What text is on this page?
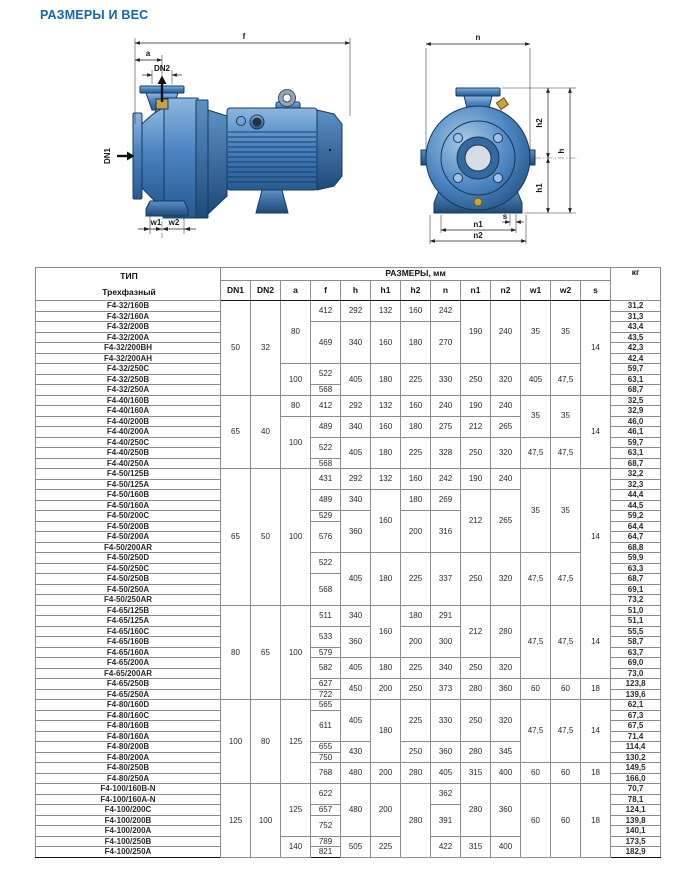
РАЗМЕРЫ И ВЕС
f
a
DN2
DN1
w1 w2
n
h2
h1
h
s
n1
n2
ТИП
Трехфазный	РАЗМЕРЫ, мм													кг
	DN1	DN2	a	f	h	h1	h2	n	n1	n2	w1	w2	s	
F4-32/160B	50	32	80	412	292	132	160	242	190	240	35	35	14	31,2
F4-32/160A														31,3
F4-32/200B				469	340	160	180	270						43,4
F4-32/200A														43,5
F4-32/200BH														42,3
F4-32/200AH														42,4
F4-32/250C			100	522	405	180	225	330	250	320	405	47,5		59,7
F4-32/250B														63,1
F4-32/250A				568										68,7
F4-40/160B	65	40	80	412	292	132	160	240	190	240	35	35	14	32,5
F4-40/160A														32,9
F4-40/200B			100	489	340	160	180	275	212	265				46,0
F4-40/200A														46,1
F4-40/250C				522	405	180	225	328	250	320	47,5	47,5		59,7
F4-40/250B														63,1
F4-40/250A				568										68,7
F4-50/125B	65	50	100	431	292	132	160	242	190	240	35	35	14	32,2
F4-50/125A														32,3
F4-50/160B				489	340	160	180	269	212	265				44,4
F4-50/160A														44,5
F4-50/200C				529	360		200	316						59,2
F4-50/200B				576										64,4
F4-50/200A														64,7
F4-50/200AR														68,8
F4-50/250D				522	405	180	225	337	250	320	47,5	47,5		59,9
F4-50/250C														63,3
F4-50/250B				568										68,7
F4-50/250A														69,1
F4-50/250AR														73,2
F4-65/125B	80	65	100	511	340	160	180	291	212	280	47,5	47,5	14	51,0
F4-65/125A														51,1
F4-65/160C				533	360		200	300						55,5
F4-65/160B														58,7
F4-65/160A				579										63,7
F4-65/200A				582	405	180	225	340	250	320				69,0
F4-65/200AR														73,0
F4-65/250B				627	450	200	250	373	280	360	60	60	18	123,8
F4-65/250A				722										139,6
F4-80/160D	100	80	125	565	405	180	225	330	250	320	47,5	47,5	14	62,1
F4-80/160C				611										67,3
F4-80/160B														67,5
F4-80/160A														71,4
F4-80/200B				655	430		250	360	280	345				114,4
F4-80/200A				750										130,2
F4-80/250B				768	480	200	280	405	315	400	60	60	18	149,5
F4-80/250A														166,0
F4-100/160B-N	125	100	125	622	480	200	280	362	280	360	60	60	18	70,7
F4-100/160A-N														78,1
F4-100/200C				657				391						124,1
F4-100/200B				752										139,8
F4-100/200A														140,1
F4-100/250B			140	789	505	225		422	315	400				173,5
F4-100/250A				821										182,9
